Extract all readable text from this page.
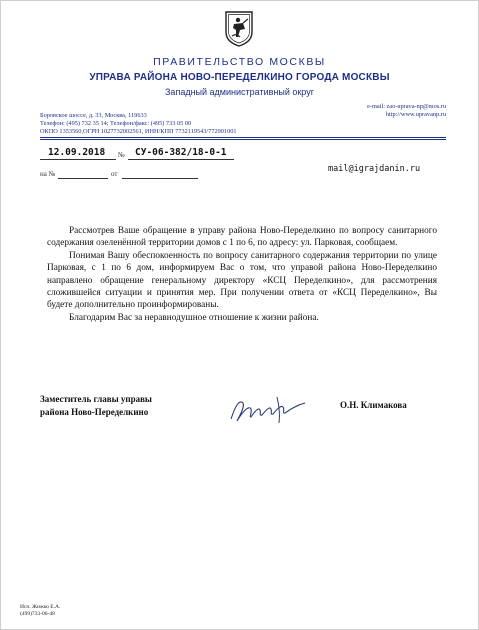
ПРАВИТЕЛЬСТВО МОСКВЫ
УПРАВА РАЙОНА НОВО-ПЕРЕДЕЛКИНО ГОРОДА МОСКВЫ
Западный административный округ
Боровское шоссе, д. 33, Москва, 119633
Телефон: (495) 732 35 14; Телефон/факс: (495) 733 05 00
ОКПО 1353560,ОГРН 1027732002561, ИНН/КПП 7732119543/772901001
e-mail: zao-uprava-np@mos.ru
http://www.upravanp.ru
12.09.2018 № СУ-06-382/18-0-1
на №	от	mail@igrajdanin.ru

Рассмотрев Ваше обращение в управу района Ново-Переделкино по вопросу санитарного содержания озеленённой территории домов с 1 по 6, по адресу: ул. Парковая, сообщаем.

Понимая Вашу обеспокоенность по вопросу санитарного содержания территории по улице Парковая, с 1 по 6 дом, информируем Вас о том, что управой района Ново-Переделкино направлено обращение генеральному директору «КСЦ Переделкино», для рассмотрения сложившейся ситуации и принятия мер. При получении ответа от «КСЦ Переделкино», Вы будете дополнительно проинформированы.

Благодарим Вас за неравнодушное отношение к жизни района.

Заместитель главы управы
района Ново-Переделкино
О.Н. Климакова
Исп. Жижко Е.А.
(499)733-06-48
